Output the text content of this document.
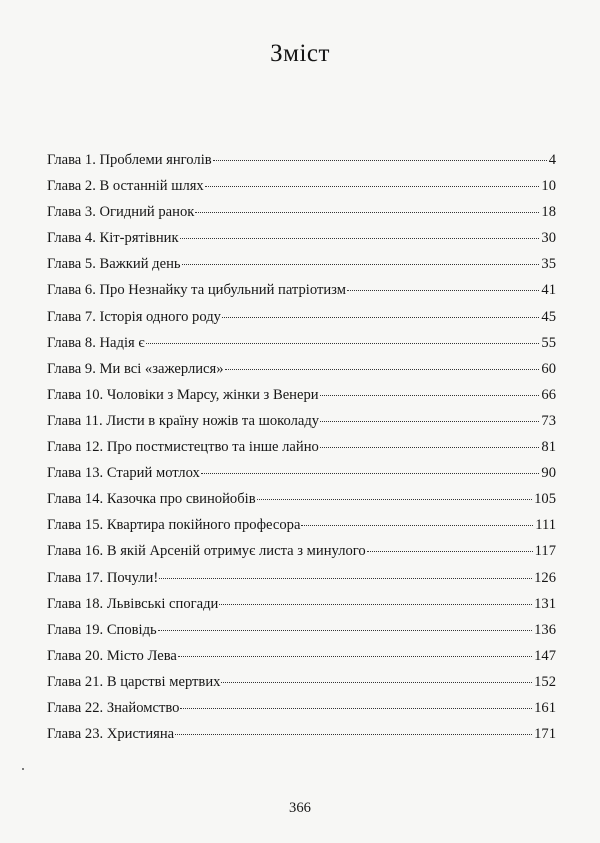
Зміст
Глава 1. Проблеми янголів	4
Глава 2. В останній шлях	10
Глава 3. Огидний ранок	18
Глава 4. Кіт-рятівник	30
Глава 5. Важкий день	35
Глава 6. Про Незнайку та цибульний патріотизм	41
Глава 7. Історія одного роду	45
Глава 8. Надія є	55
Глава 9. Ми всі «зажерлися»	60
Глава 10. Чоловіки з Марсу, жінки з Венери	66
Глава 11. Листи в країну ножів та шоколаду	73
Глава 12. Про постмистецтво та інше лайно	81
Глава 13. Старий мотлох	90
Глава 14. Казочка про свинойобів	105
Глава 15. Квартира покійного професора	111
Глава 16. В якій Арсеній отримує листа з минулого	117
Глава 17. Почули!	126
Глава 18. Львівські спогади	131
Глава 19. Сповідь	136
Глава 20. Місто Лева	147
Глава 21. В царстві мертвих	152
Глава 22. Знайомство	161
Глава 23. Християна	171
366
